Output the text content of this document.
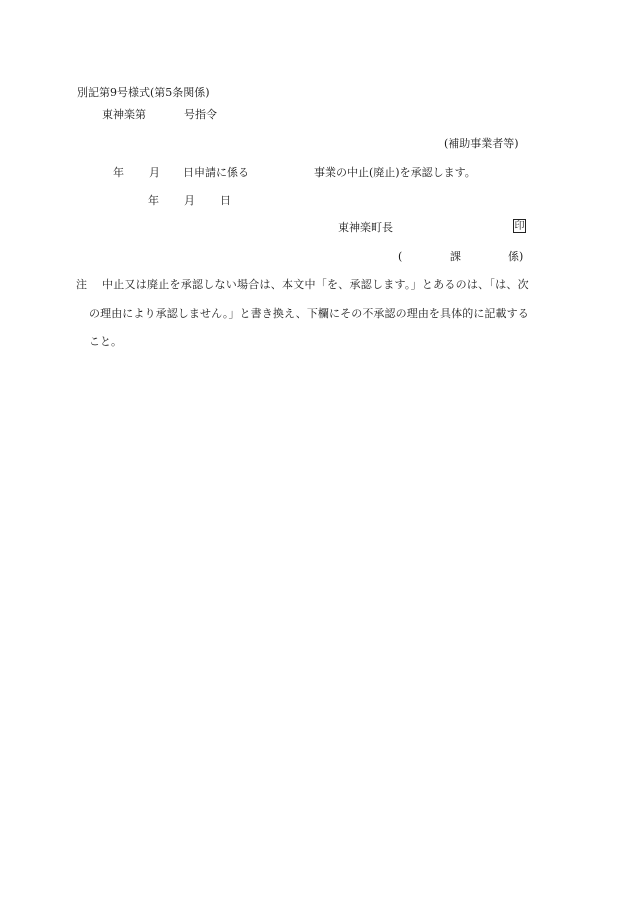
別記第9号様式(第5条関係)
東神楽第	号指令
(補助事業者等)
年 月 日申請に係る	事業の中止(廃止)を承認します。
年 月 日
東神楽町長	印
(	課	係)
注 中止又は廃止を承認しない場合は、本文中「を、承認します。」とあるのは、「は、次
の理由により承認しません。」と書き換え、下欄にその不承認の理由を具体的に記載する
こと。
